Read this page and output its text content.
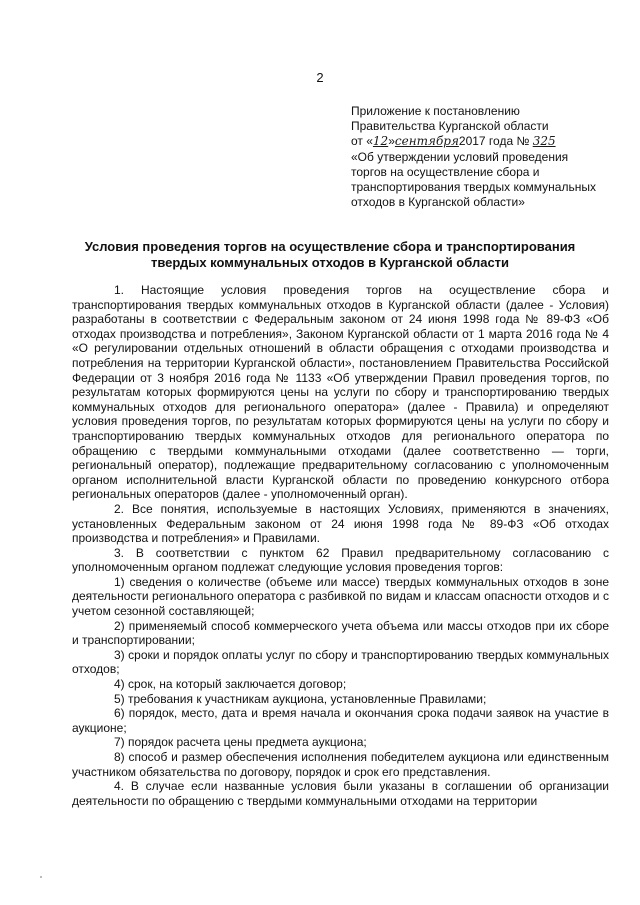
2
Приложение к постановлению
Правительства Курганской области
от «12»сентября2017 года № 325
«Об утверждении условий проведения
торгов на осуществление сбора и
транспортирования твердых коммунальных
отходов в Курганской области»
Условия проведения торгов на осуществление сбора и транспортирования
твердых коммунальных отходов в Курганской области

1. Настоящие условия проведения торгов на осуществление сбора и транспортирования твердых коммунальных отходов в Курганской области (далее - Условия) разработаны в соответствии с Федеральным законом от 24 июня 1998 года № 89-ФЗ «Об отходах производства и потребления», Законом Курганской области от 1 марта 2016 года № 4 «О регулировании отдельных отношений в области обращения с отходами производства и потребления на территории Курганской области», постановлением Правительства Российской Федерации от 3 ноября 2016 года № 1133 «Об утверждении Правил проведения торгов, по результатам которых формируются цены на услуги по сбору и транспортированию твердых коммунальных отходов для регионального оператора» (далее - Правила) и определяют условия проведения торгов, по результатам которых формируются цены на услуги по сбору и транспортированию твердых коммунальных отходов для регионального оператора по обращению с твердыми коммунальными отходами (далее соответственно — торги, региональный оператор), подлежащие предварительному согласованию с уполномоченным органом исполнительной власти Курганской области по проведению конкурсного отбора региональных операторов (далее - уполномоченный орган).

2. Все понятия, используемые в настоящих Условиях, применяются в значениях, установленных Федеральным законом от 24 июня 1998 года № 89-ФЗ «Об отходах производства и потребления» и Правилами.

3. В соответствии с пунктом 62 Правил предварительному согласованию с уполномоченным органом подлежат следующие условия проведения торгов:

1) сведения о количестве (объеме или массе) твердых коммунальных отходов в зоне деятельности регионального оператора с разбивкой по видам и классам опасности отходов и с учетом сезонной составляющей;

2) применяемый способ коммерческого учета объема или массы отходов при их сборе и транспортировании;

3) сроки и порядок оплаты услуг по сбору и транспортированию твердых коммунальных отходов;

4) срок, на который заключается договор;

5) требования к участникам аукциона, установленные Правилами;

6) порядок, место, дата и время начала и окончания срока подачи заявок на участие в аукционе;

7) порядок расчета цены предмета аукциона;

8) способ и размер обеспечения исполнения победителем аукциона или единственным участником обязательства по договору, порядок и срок его представления.

4. В случае если названные условия были указаны в соглашении об организации деятельности по обращению с твердыми коммунальными отходами на территории
